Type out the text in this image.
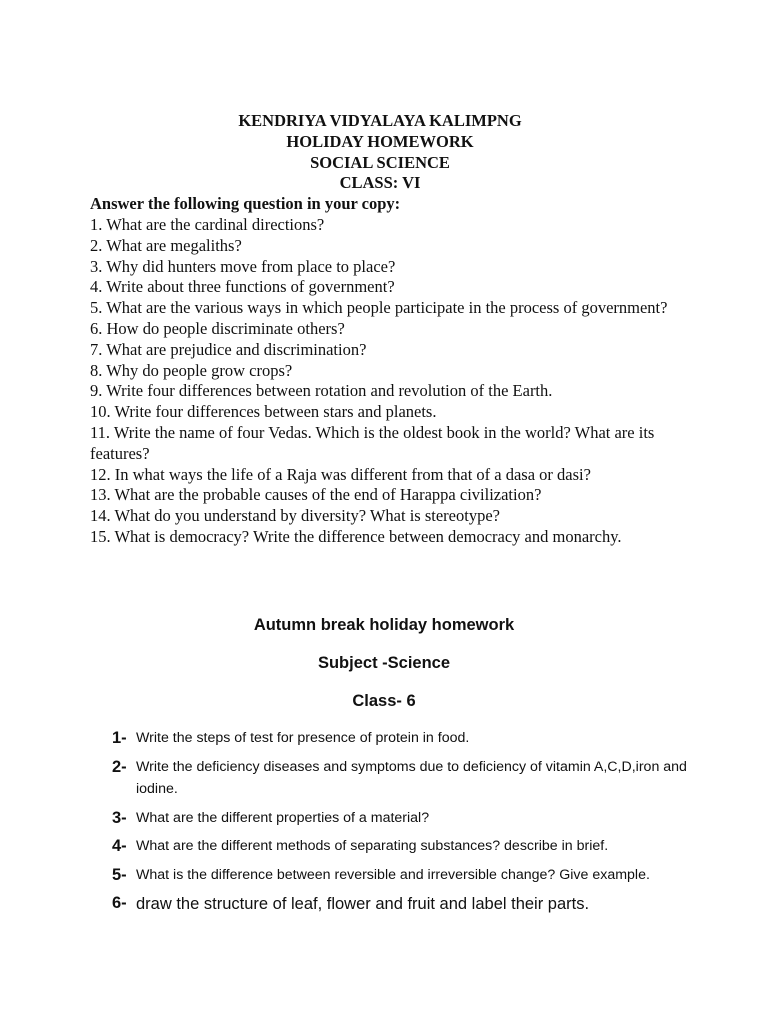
KENDRIYA VIDYALAYA KALIMPNG
HOLIDAY HOMEWORK
SOCIAL SCIENCE
CLASS: VI
Answer the following question in your copy:
1. What are the cardinal directions?
2. What are megaliths?
3. Why did hunters move from place to place?
4. Write about three functions of government?
5. What are the various ways in which people participate in the process of government?
6. How do people discriminate others?
7. What are prejudice and discrimination?
8. Why do people grow crops?
9. Write four differences between rotation and revolution of the Earth.
10. Write four differences between stars and planets.
11. Write the name of four Vedas. Which is the oldest book in the world? What are its features?
12. In what ways the life of a Raja was different from that of a dasa or dasi?
13. What are the probable causes of the end of Harappa civilization?
14. What do you understand by diversity? What is stereotype?
15. What is democracy? Write the difference between democracy and monarchy.
Autumn break holiday homework
Subject -Science
Class- 6
1- Write the steps of test for presence of protein in food.
2- Write the deficiency diseases and symptoms due to deficiency of vitamin A,C,D,iron and iodine.
3- What are the different properties of a material?
4- What are the different methods of separating substances? describe in brief.
5- What is the difference between reversible and irreversible change? Give example.
6- draw the structure of leaf, flower and fruit and label their parts.
